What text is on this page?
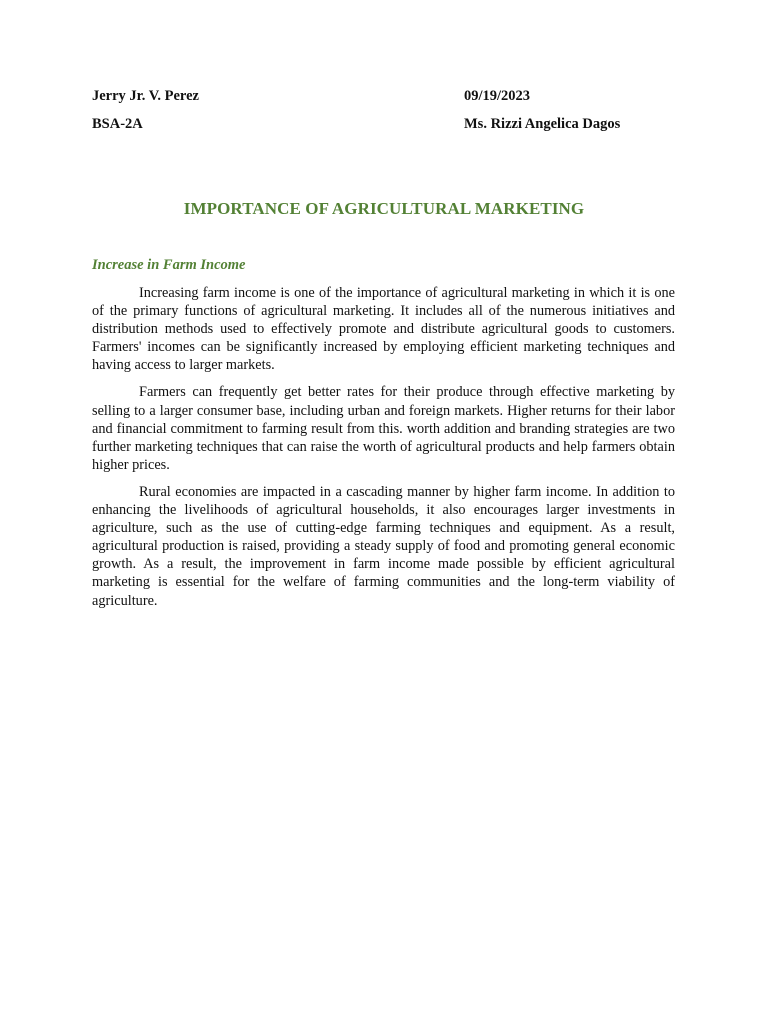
Jerry Jr. V. Perez	09/19/2023
BSA-2A	Ms. Rizzi Angelica Dagos
IMPORTANCE OF AGRICULTURAL MARKETING
Increase in Farm Income

Increasing farm income is one of the importance of agricultural marketing in which it is one of the primary functions of agricultural marketing. It includes all of the numerous initiatives and distribution methods used to effectively promote and distribute agricultural goods to customers. Farmers' incomes can be significantly increased by employing efficient marketing techniques and having access to larger markets.

Farmers can frequently get better rates for their produce through effective marketing by selling to a larger consumer base, including urban and foreign markets. Higher returns for their labor and financial commitment to farming result from this. worth addition and branding strategies are two further marketing techniques that can raise the worth of agricultural products and help farmers obtain higher prices.

Rural economies are impacted in a cascading manner by higher farm income. In addition to enhancing the livelihoods of agricultural households, it also encourages larger investments in agriculture, such as the use of cutting-edge farming techniques and equipment. As a result, agricultural production is raised, providing a steady supply of food and promoting general economic growth. As a result, the improvement in farm income made possible by efficient agricultural marketing is essential for the welfare of farming communities and the long-term viability of agriculture.
